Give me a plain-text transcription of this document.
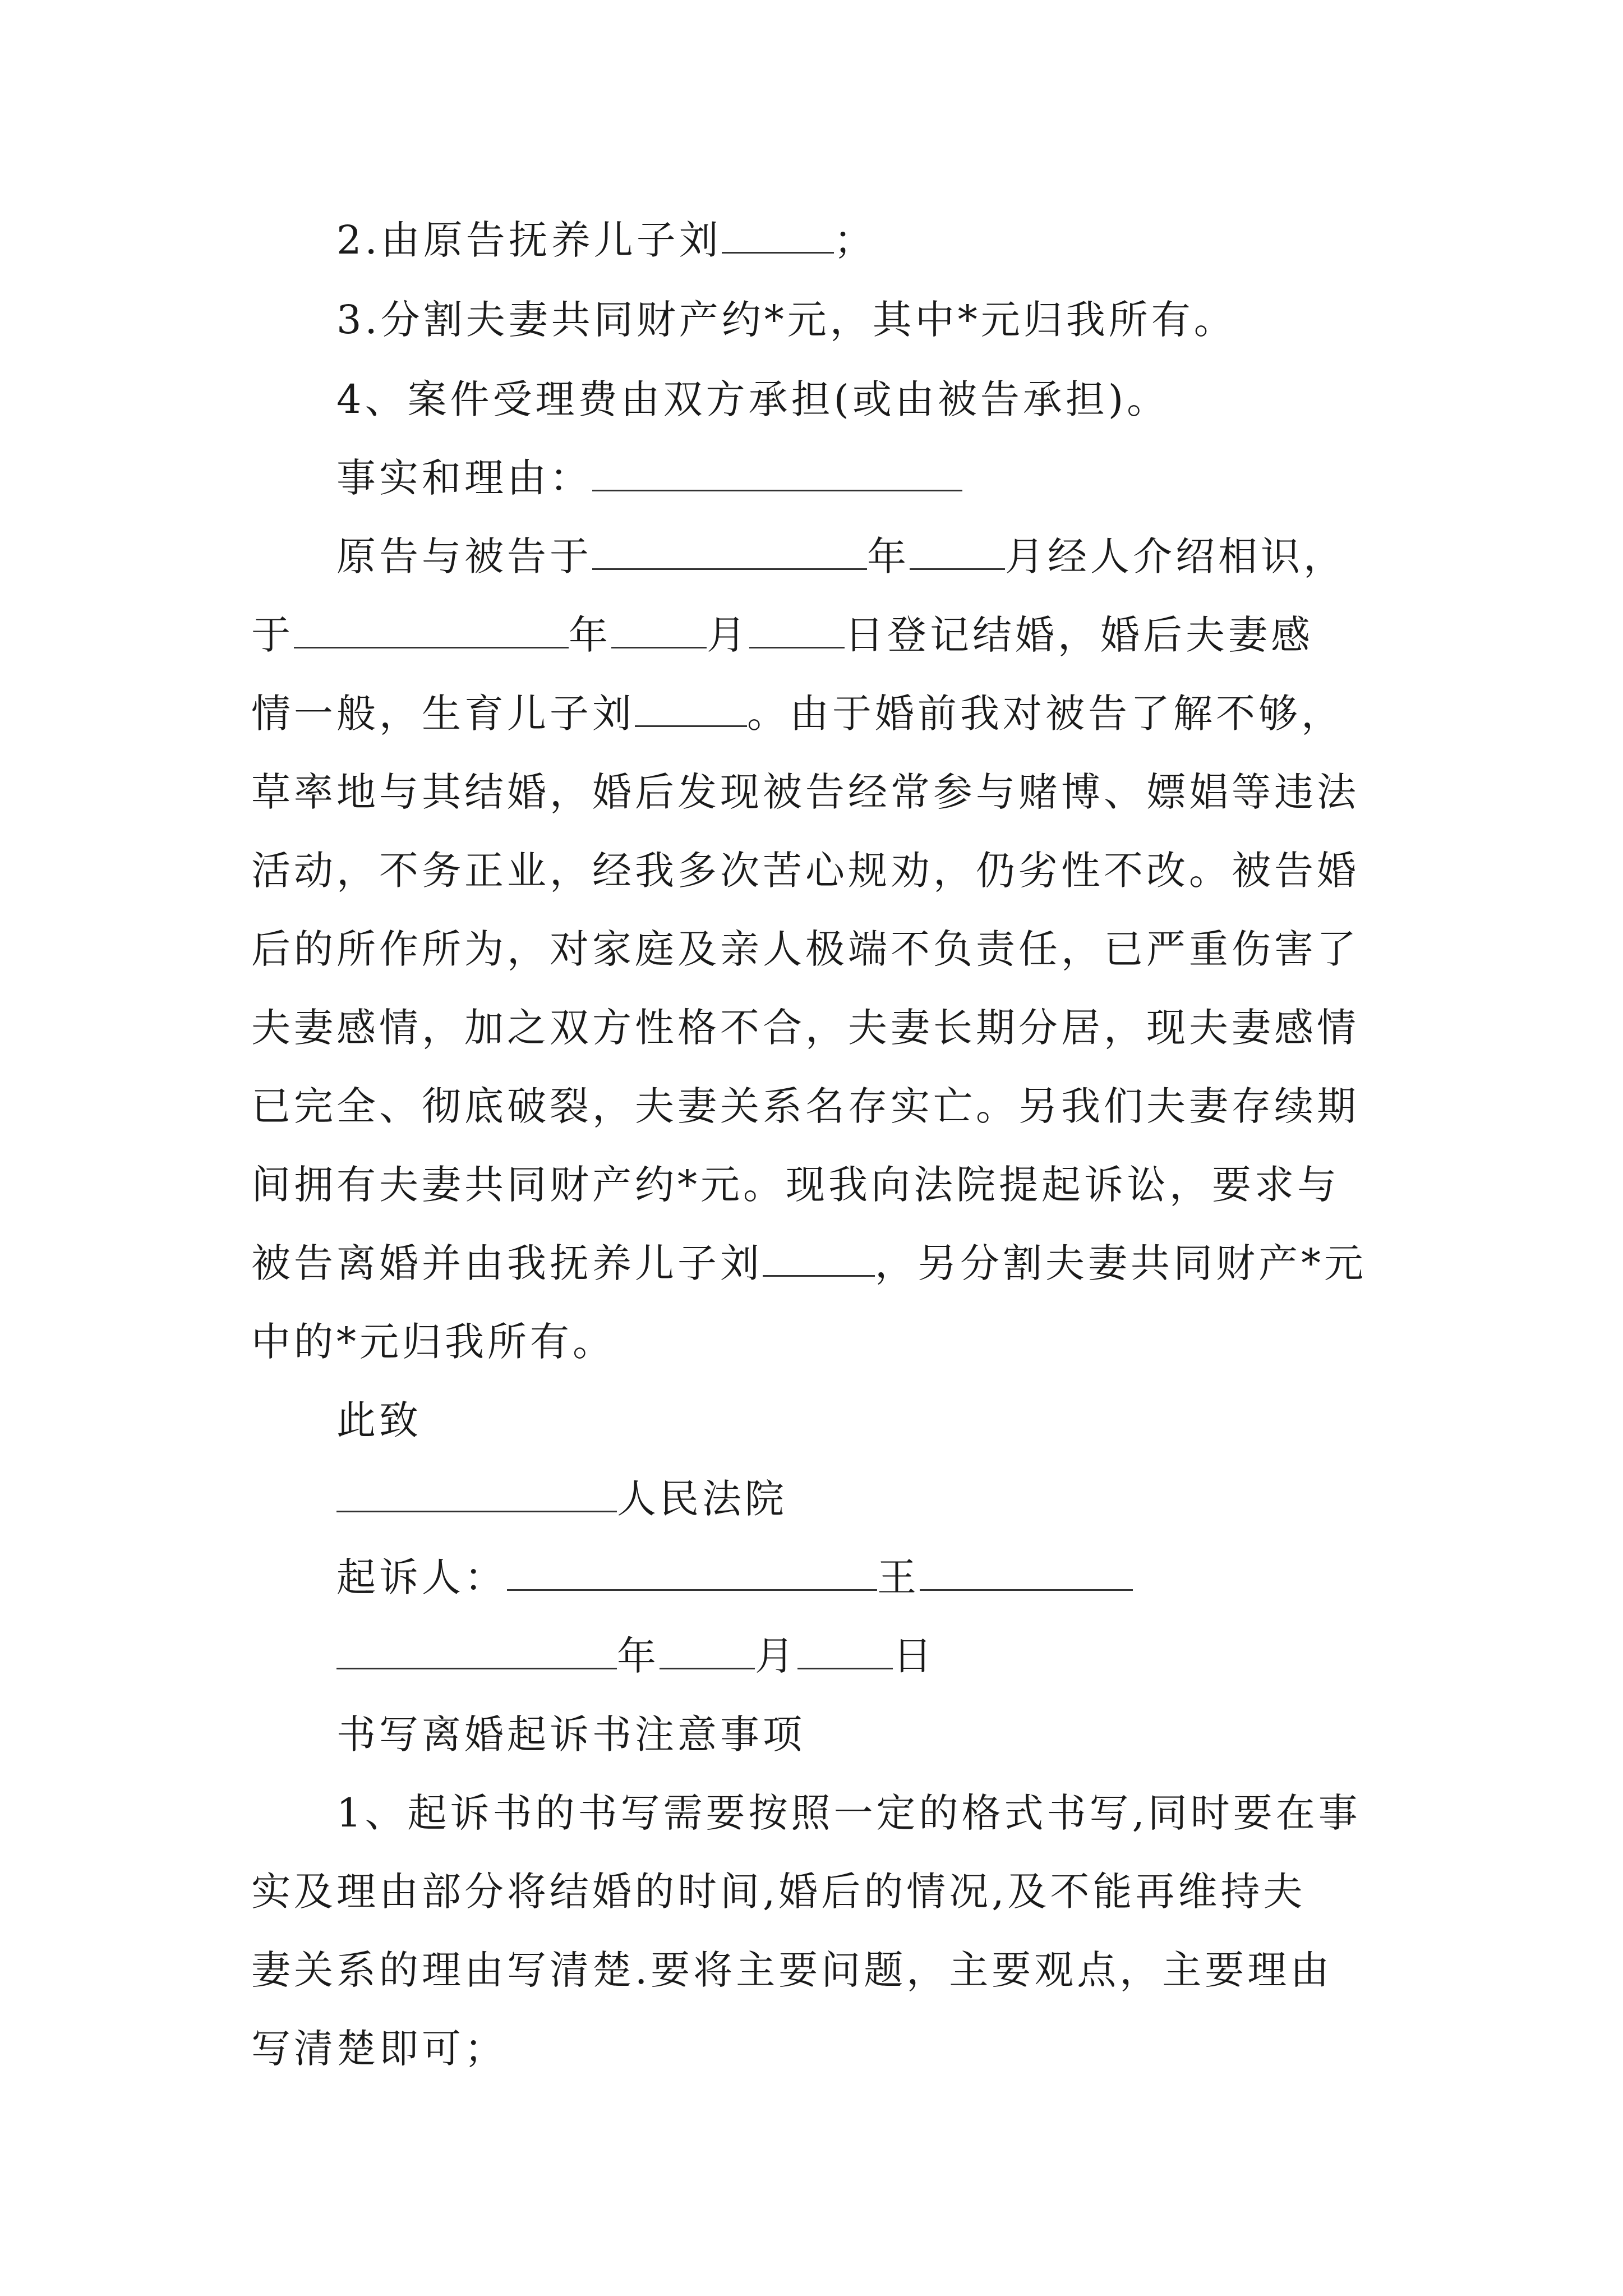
2.由原告抚养儿子刘	；
3.分割夫妻共同财产约*元，其中*元归我所有。
4、案件受理费由双方承担(或由被告承担)。
事实和理由：
原告与被告于	年 月经人介绍相识，
于	年 月 日登记结婚，婚后夫妻感
情一般，生育儿子刘	。由于婚前我对被告了解不够，
草率地与其结婚，婚后发现被告经常参与赌博、嫖娼等违法
活动，不务正业，经我多次苦心规劝，仍劣性不改。被告婚
后的所作所为，对家庭及亲人极端不负责任，已严重伤害了
夫妻感情，加之双方性格不合，夫妻长期分居，现夫妻感情
已完全、彻底破裂，夫妻关系名存实亡。另我们夫妻存续期
间拥有夫妻共同财产约*元。现我向法院提起诉讼，要求与
被告离婚并由我抚养儿子刘	，另分割夫妻共同财产*元
中的*元归我所有。
此致
人民法院
起诉人：	王
年 月 日
书写离婚起诉书注意事项
1、起诉书的书写需要按照一定的格式书写,同时要在事
实及理由部分将结婚的时间,婚后的情况,及不能再维持夫
妻关系的理由写清楚.要将主要问题，主要观点，主要理由
写清楚即可；
